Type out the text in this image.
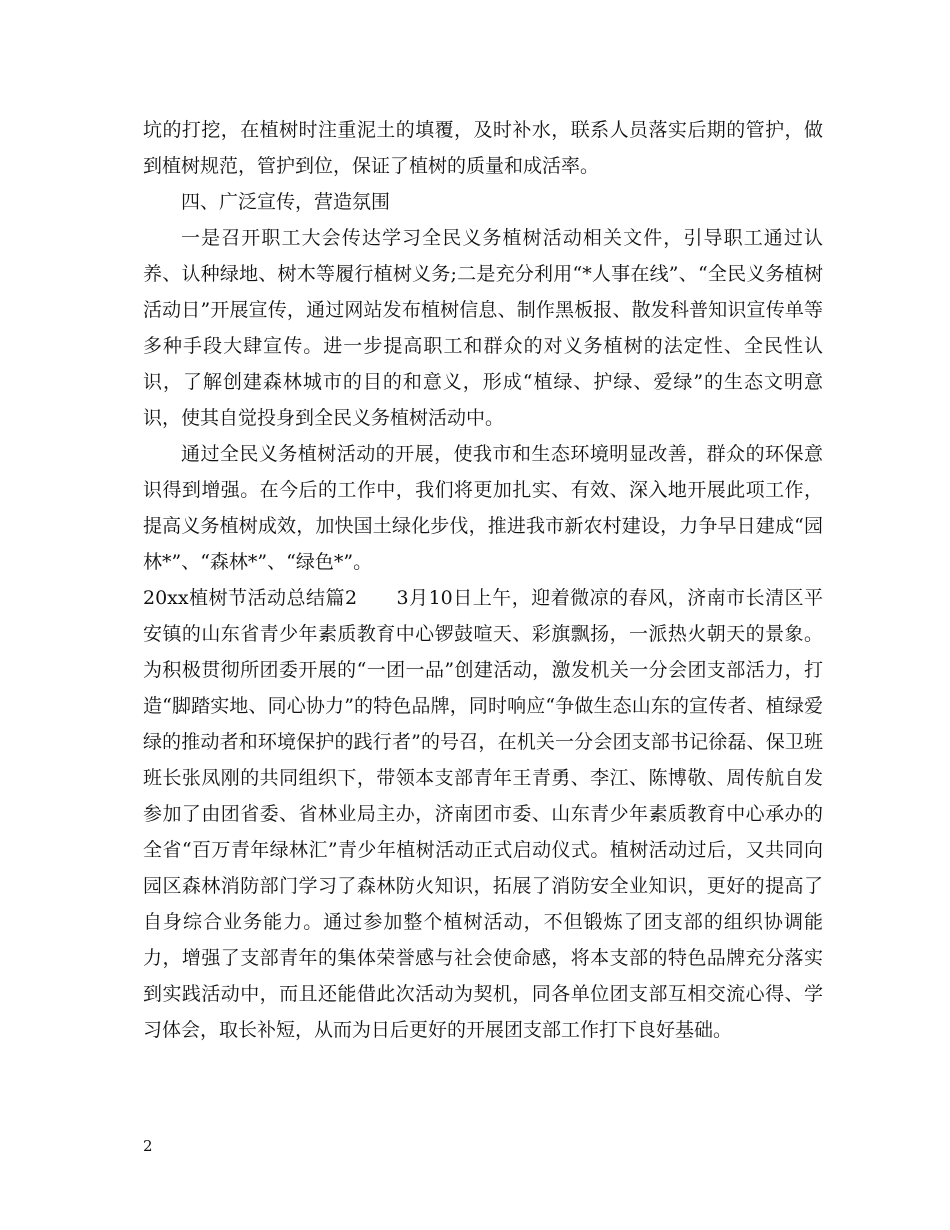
坑的打挖，在植树时注重泥土的填覆，及时补水，联系人员落实后期的管护，做到植树规范，管护到位，保证了植树的质量和成活率。

四、广泛宣传，营造氛围

一是召开职工大会传达学习全民义务植树活动相关文件，引导职工通过认养、认种绿地、树木等履行植树义务;二是充分利用“*人事在线”、“全民义务植树活动日”开展宣传，通过网站发布植树信息、制作黑板报、散发科普知识宣传单等多种手段大肆宣传。进一步提高职工和群众的对义务植树的法定性、全民性认识，了解创建森林城市的目的和意义，形成“植绿、护绿、爱绿”的生态文明意识，使其自觉投身到全民义务植树活动中。

通过全民义务植树活动的开展，使我市和生态环境明显改善，群众的环保意识得到增强。在今后的工作中，我们将更加扎实、有效、深入地开展此项工作，提高义务植树成效，加快国土绿化步伐，推进我市新农村建设，力争早日建成“园林*”、“森林*”、“绿色*”。

20xx植树节活动总结篇2　　3月10日上午，迎着微凉的春风，济南市长清区平安镇的山东省青少年素质教育中心锣鼓喧天、彩旗飘扬，一派热火朝天的景象。为积极贯彻所团委开展的“一团一品”创建活动，激发机关一分会团支部活力，打造“脚踏实地、同心协力”的特色品牌，同时响应“争做生态山东的宣传者、植绿爱绿的推动者和环境保护的践行者”的号召，在机关一分会团支部书记徐磊、保卫班班长张凤刚的共同组织下，带领本支部青年王青勇、李江、陈博敬、周传航自发参加了由团省委、省林业局主办，济南团市委、山东青少年素质教育中心承办的全省“百万青年绿林汇”青少年植树活动正式启动仪式。植树活动过后，又共同向园区森林消防部门学习了森林防火知识，拓展了消防安全业知识，更好的提高了自身综合业务能力。通过参加整个植树活动，不但锻炼了团支部的组织协调能力，增强了支部青年的集体荣誉感与社会使命感，将本支部的特色品牌充分落实到实践活动中，而且还能借此次活动为契机，同各单位团支部互相交流心得、学习体会，取长补短，从而为日后更好的开展团支部工作打下良好基础。

2
